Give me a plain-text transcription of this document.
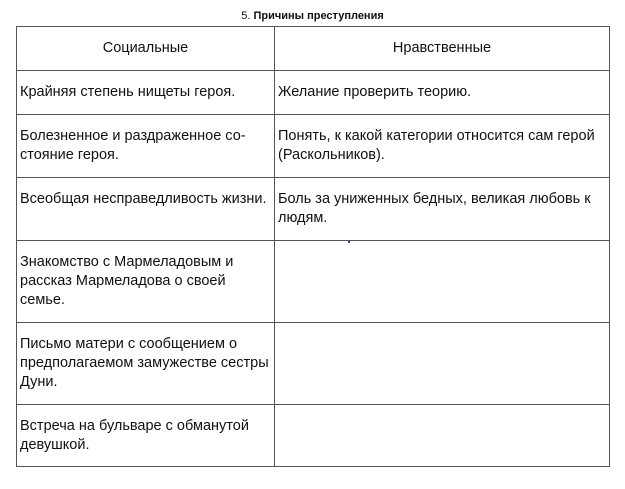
5. Причины преступления
Социальные	Нравственные

Крайняя степень нищеты героя.	Желание проверить теорию.

Болезненное и раздраженное со-стояние героя.	Понять, к какой категории относится сам герой (Раскольников).

Всеобщая несправедливость жизни.	Боль за униженных бедных, великая любовь к людям.

Знакомство с Мармеладовым и рассказ Мармеладова о своей семье.	

Письмо матери с сообщением о предполагаемом замужестве сестры Дуни.	

Встреча на бульваре с обманутой девушкой.	
